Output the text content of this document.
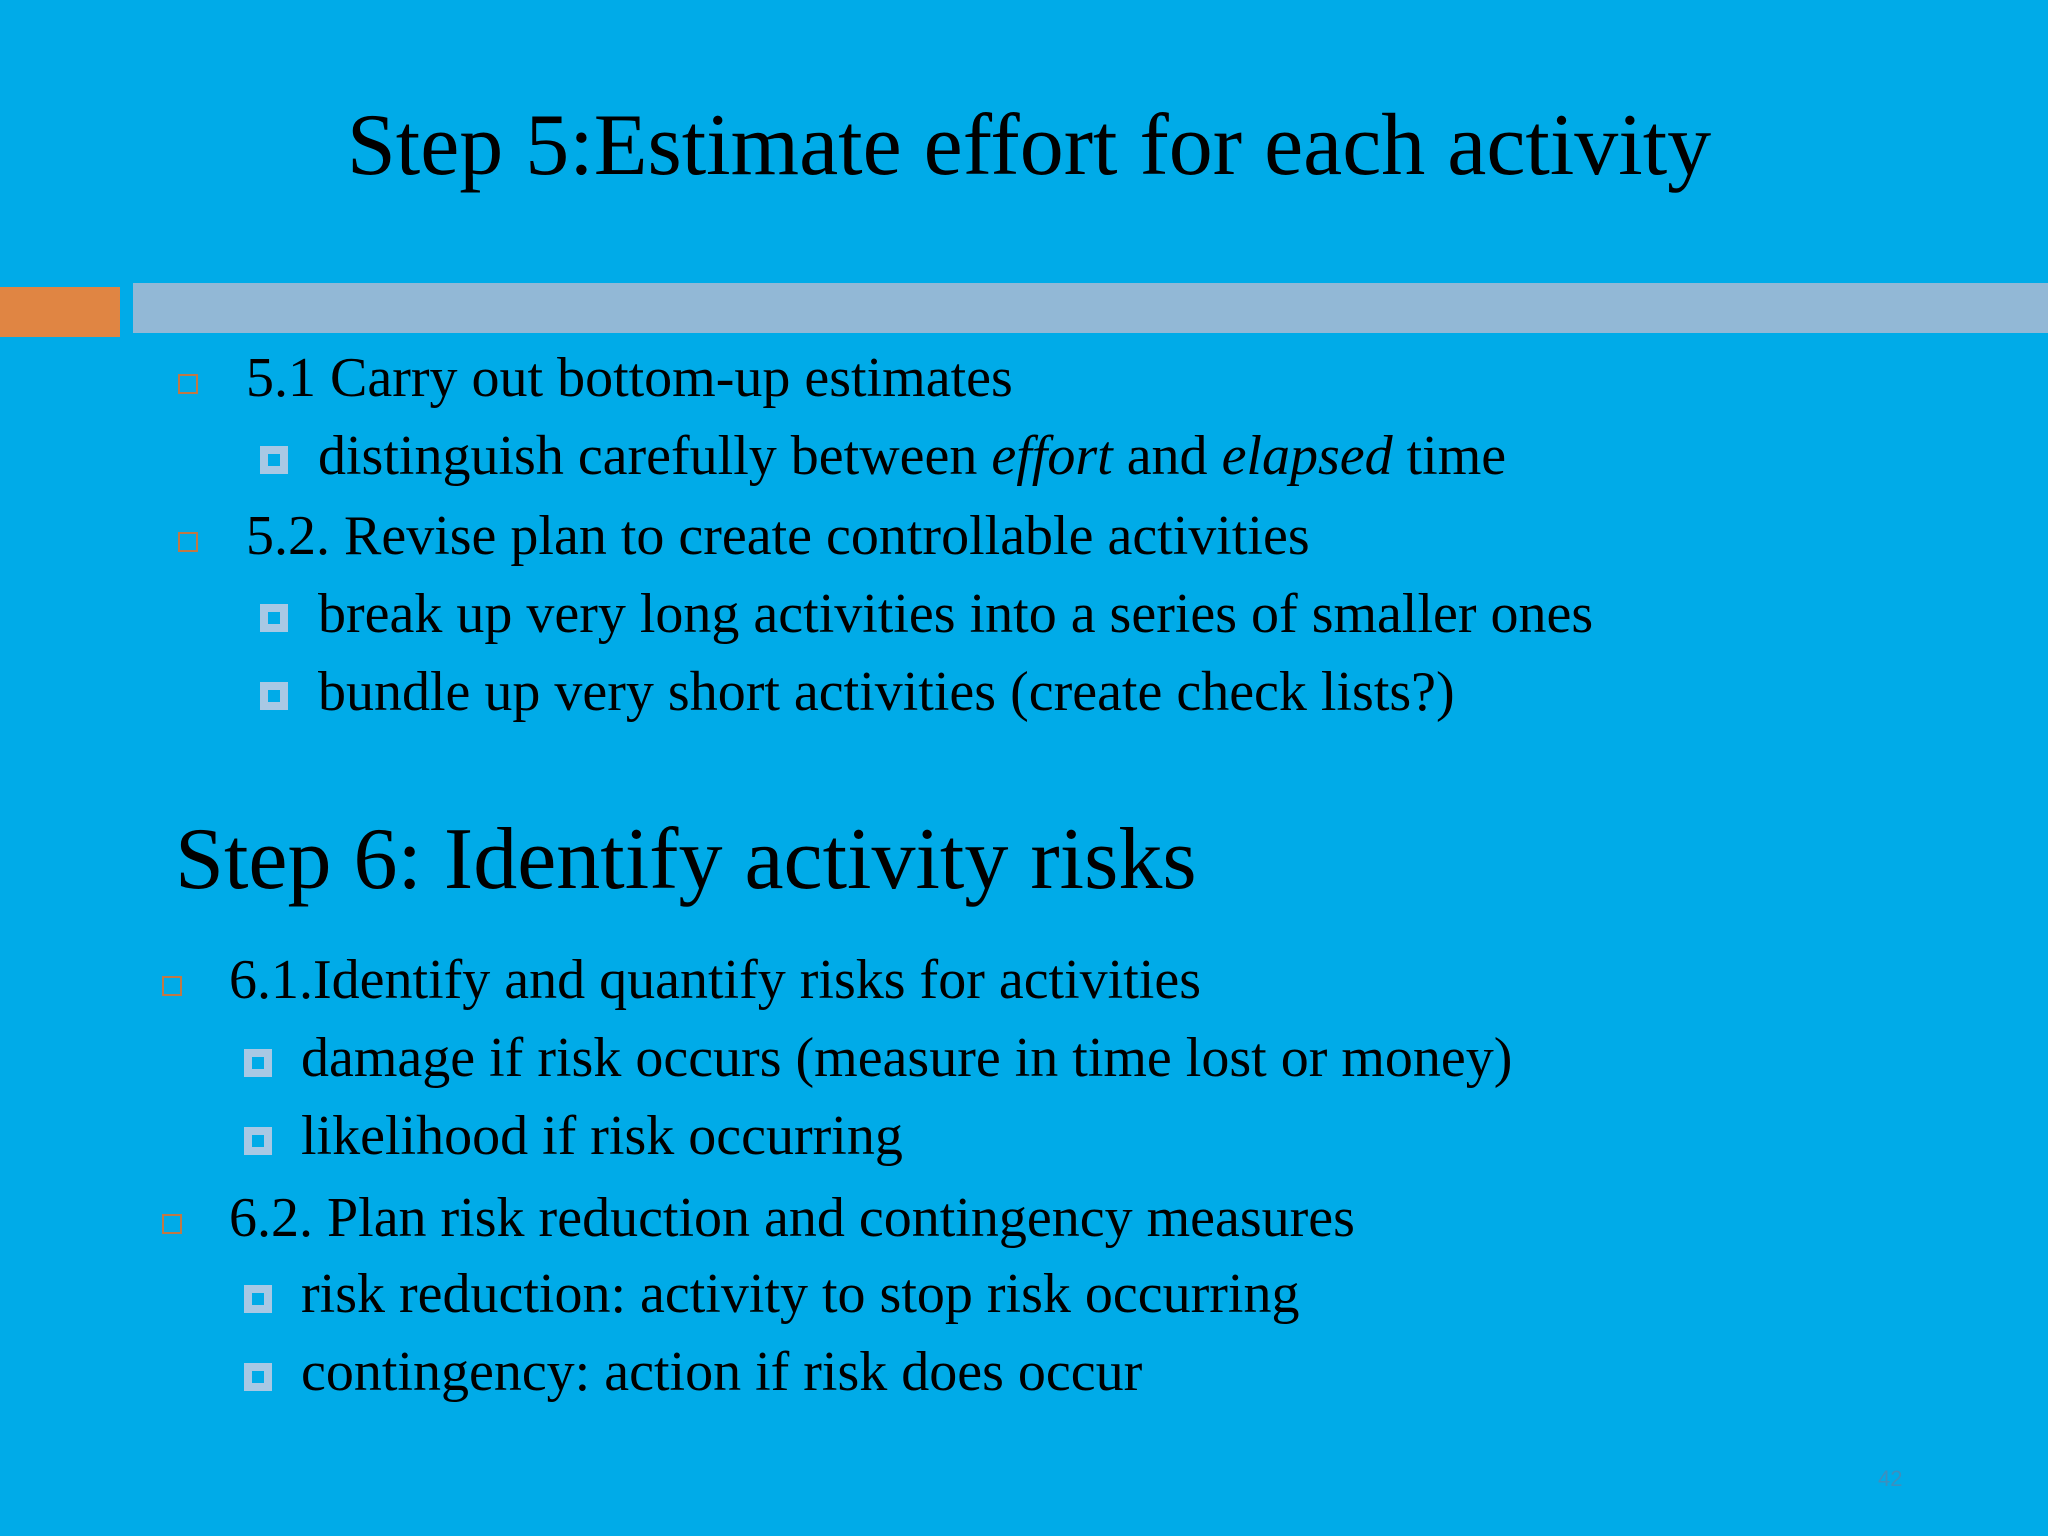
Step 5:Estimate effort for each activity
5.1 Carry out bottom-up estimates
distinguish carefully between effort and elapsed time
5.2. Revise plan to create controllable activities
break up very long activities into a series of smaller ones
bundle up very short activities (create check lists?)
Step 6: Identify activity risks
6.1.Identify and quantify risks for activities
damage if risk occurs (measure in time lost or money)
likelihood if risk occurring
6.2. Plan risk reduction and contingency measures
risk reduction: activity to stop risk occurring
contingency: action if risk does occur
42
